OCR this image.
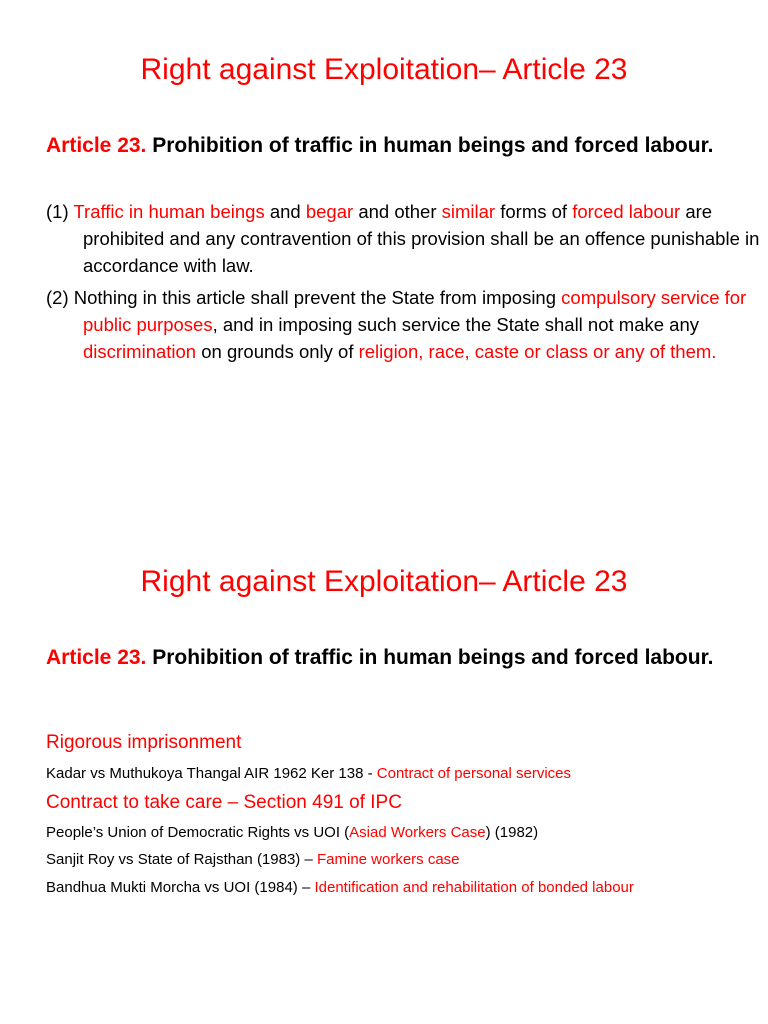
Right against Exploitation– Article 23
Article 23. Prohibition of traffic in human beings and forced labour.
(1) Traffic in human beings and begar and other similar forms of forced labour are prohibited and any contravention of this provision shall be an offence punishable in accordance with law.
(2) Nothing in this article shall prevent the State from imposing compulsory service for public purposes, and in imposing such service the State shall not make any discrimination on grounds only of religion, race, caste or class or any of them.
Right against Exploitation– Article 23
Article 23. Prohibition of traffic in human beings and forced labour.
Rigorous imprisonment
Kadar vs Muthukoya Thangal AIR 1962 Ker 138 - Contract of personal services
Contract to take care – Section 491 of IPC
People’s Union of Democratic Rights vs UOI (Asiad Workers Case) (1982)
Sanjit Roy vs State of Rajsthan (1983) – Famine workers case
Bandhua Mukti Morcha vs UOI (1984) – Identification and rehabilitation of bonded labour
